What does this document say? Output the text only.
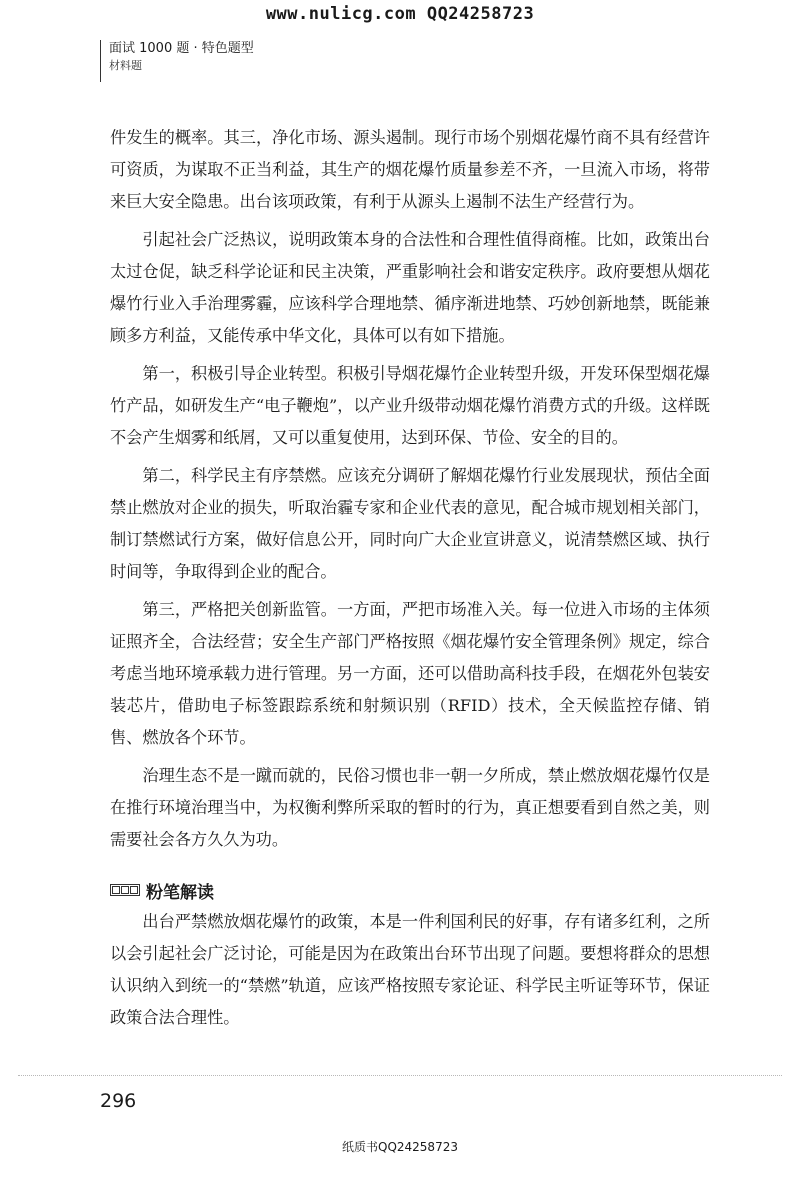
www.nulicg.com QQ24258723
面试 1000 题 · 特色题型
材料题

件发生的概率。其三，净化市场、源头遏制。现行市场个别烟花爆竹商不具有经营许可资质，为谋取不正当利益，其生产的烟花爆竹质量参差不齐，一旦流入市场，将带来巨大安全隐患。出台该项政策，有利于从源头上遏制不法生产经营行为。

引起社会广泛热议，说明政策本身的合法性和合理性值得商榷。比如，政策出台太过仓促，缺乏科学论证和民主决策，严重影响社会和谐安定秩序。政府要想从烟花爆竹行业入手治理雾霾，应该科学合理地禁、循序渐进地禁、巧妙创新地禁，既能兼顾多方利益，又能传承中华文化，具体可以有如下措施。

第一，积极引导企业转型。积极引导烟花爆竹企业转型升级，开发环保型烟花爆竹产品，如研发生产“电子鞭炮”，以产业升级带动烟花爆竹消费方式的升级。这样既不会产生烟雾和纸屑，又可以重复使用，达到环保、节俭、安全的目的。

第二，科学民主有序禁燃。应该充分调研了解烟花爆竹行业发展现状，预估全面禁止燃放对企业的损失，听取治霾专家和企业代表的意见，配合城市规划相关部门，制订禁燃试行方案，做好信息公开，同时向广大企业宣讲意义，说清禁燃区域、执行时间等，争取得到企业的配合。

第三，严格把关创新监管。一方面，严把市场准入关。每一位进入市场的主体须证照齐全，合法经营；安全生产部门严格按照《烟花爆竹安全管理条例》规定，综合考虑当地环境承载力进行管理。另一方面，还可以借助高科技手段，在烟花外包装安装芯片，借助电子标签跟踪系统和射频识别（RFID）技术，全天候监控存储、销售、燃放各个环节。

治理生态不是一蹴而就的，民俗习惯也非一朝一夕所成，禁止燃放烟花爆竹仅是在推行环境治理当中，为权衡利弊所采取的暂时的行为，真正想要看到自然之美，则需要社会各方久久为功。

粉笔解读

出台严禁燃放烟花爆竹的政策，本是一件利国利民的好事，存有诸多红利，之所以会引起社会广泛讨论，可能是因为在政策出台环节出现了问题。要想将群众的思想认识纳入到统一的“禁燃”轨道，应该严格按照专家论证、科学民主听证等环节，保证政策合法合理性。

296
纸质书QQ24258723
